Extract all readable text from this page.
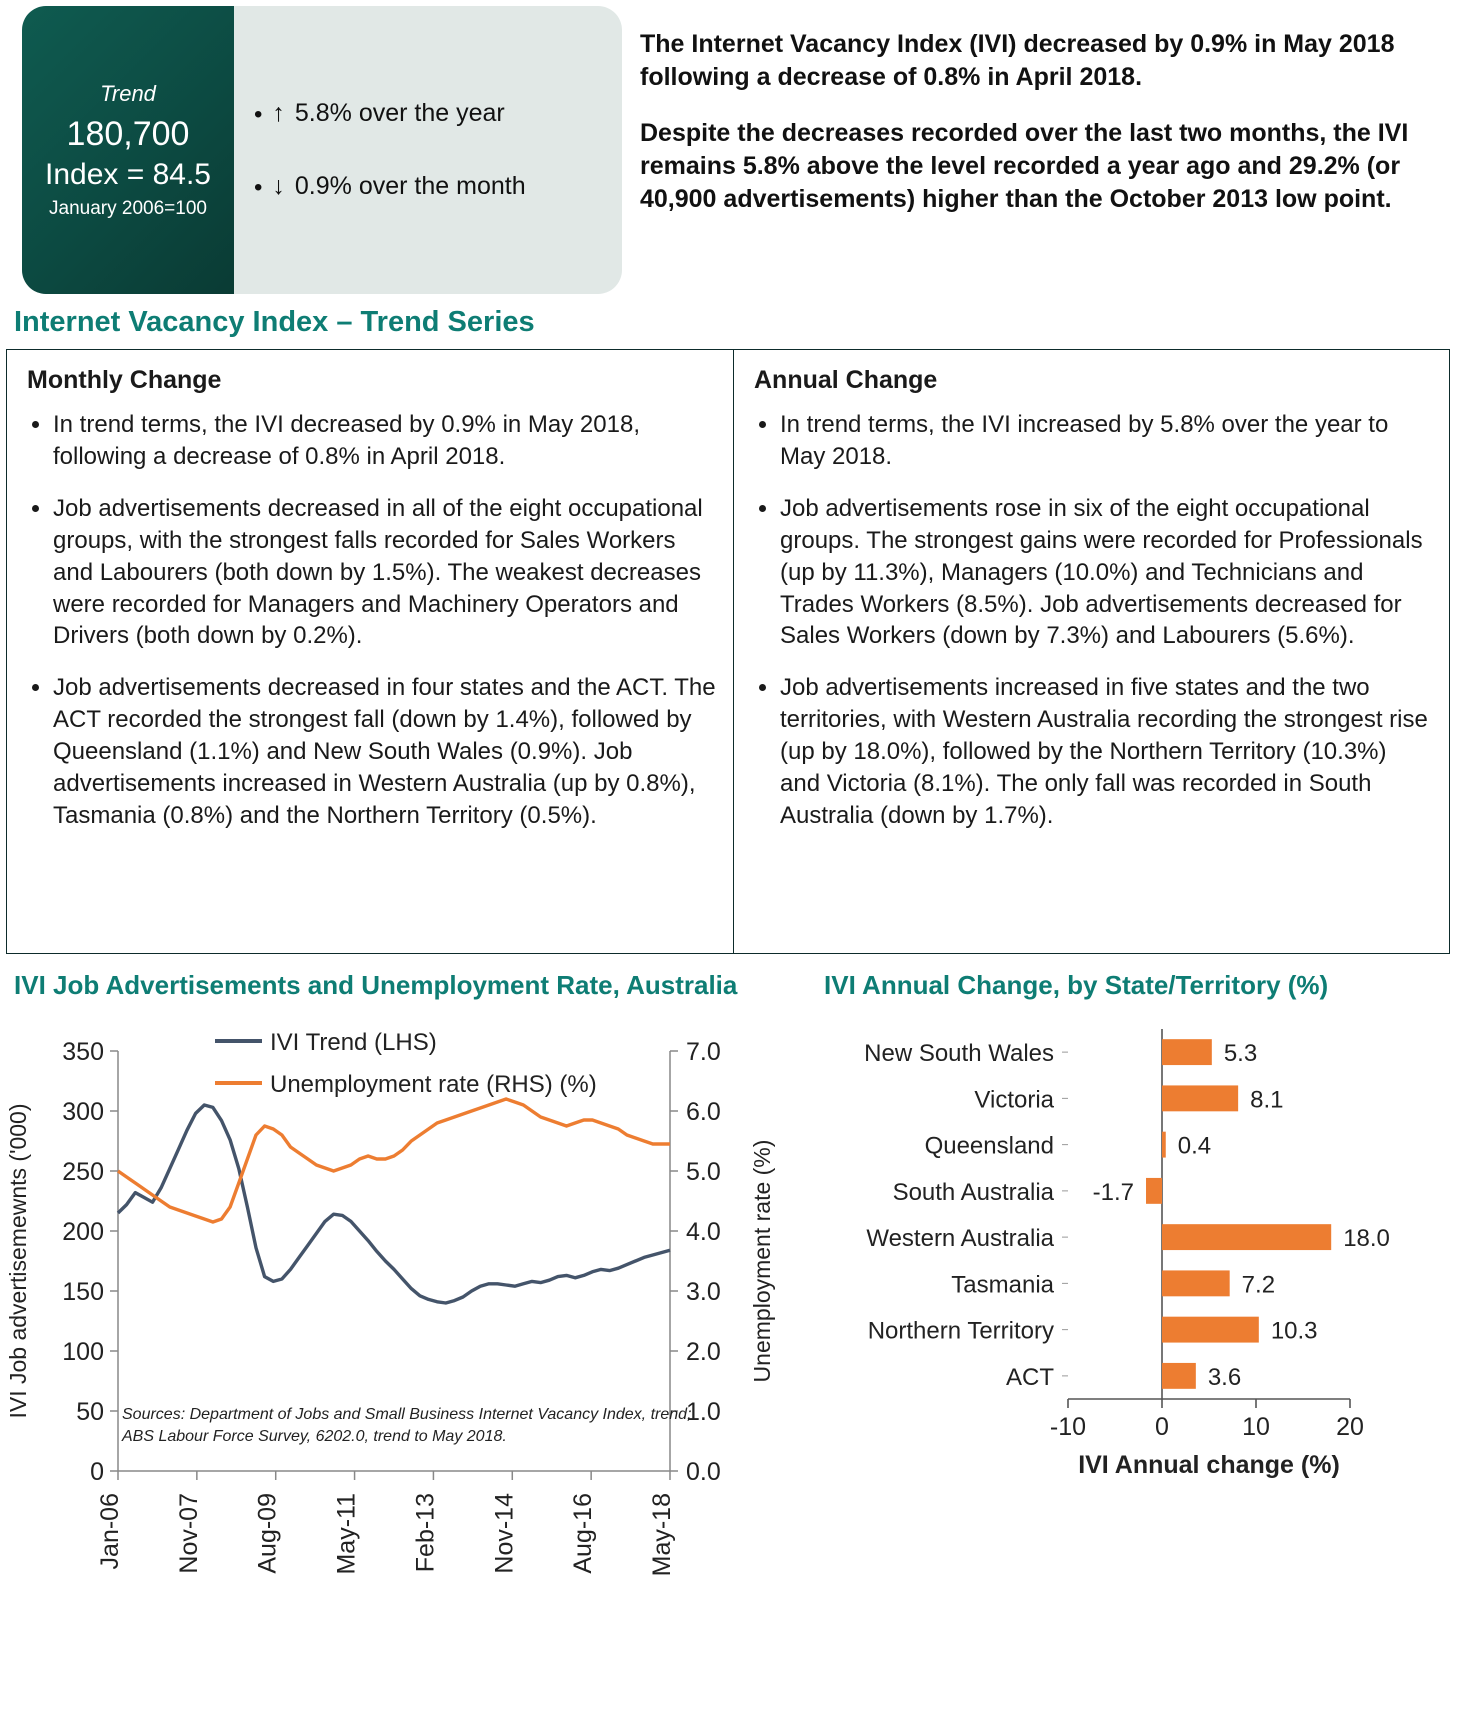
Trend
180,700
Index = 84.5
January 2006=100
• ↑ 5.8% over the year
• ↓ 0.9% over the month

The Internet Vacancy Index (IVI) decreased by 0.9% in May 2018 following a decrease of 0.8% in April 2018.

Despite the decreases recorded over the last two months, the IVI remains 5.8% above the level recorded a year ago and 29.2% (or 40,900 advertisements) higher than the October 2013 low point.

Internet Vacancy Index – Trend Series
Monthly Change
• In trend terms, the IVI decreased by 0.9% in May 2018, following a decrease of 0.8% in April 2018.
• Job advertisements decreased in all of the eight occupational groups, with the strongest falls recorded for Sales Workers and Labourers (both down by 1.5%). The weakest decreases were recorded for Managers and Machinery Operators and Drivers (both down by 0.2%).
• Job advertisements decreased in four states and the ACT. The ACT recorded the strongest fall (down by 1.4%), followed by Queensland (1.1%) and New South Wales (0.9%). Job advertisements increased in Western Australia (up by 0.8%), Tasmania (0.8%) and the Northern Territory (0.5%).
Annual Change
• In trend terms, the IVI increased by 5.8% over the year to May 2018.
• Job advertisements rose in six of the eight occupational groups. The strongest gains were recorded for Professionals (up by 11.3%), Managers (10.0%) and Technicians and Trades Workers (8.5%). Job advertisements decreased for Sales Workers (down by 7.3%) and Labourers (5.6%).
• Job advertisements increased in five states and the two territories, with Western Australia recording the strongest rise (up by 18.0%), followed by the Northern Territory (10.3%) and Victoria (8.1%). The only fall was recorded in South Australia (down by 1.7%).
IVI Job Advertisements and Unemployment Rate, Australia
0
50
100
150
200
250
300
350
0.0
1.0
2.0
3.0
4.0
5.0
6.0
7.0
Jan-06 Nov-07 Aug-09 May-11 Feb-13 Nov-14 Aug-16 May-18
IVI Job advertisemewnts ('000)	Unemployment rate (%)
IVI Trend (LHS)
Unemployment rate (RHS) (%)
Sources: Department of Jobs and Small Business Internet Vacancy Index, trend;
ABS Labour Force Survey, 6202.0, trend to May 2018.
IVI Annual Change, by State/Territory (%)
-10	0	10	20
New South Wales	5.3
Victoria	8.1
Queensland	0.4
South Australia -1.7
Western Australia	18.0
Tasmania	7.2
Northern Territory	10.3
ACT	3.6
IVI Annual change (%)
